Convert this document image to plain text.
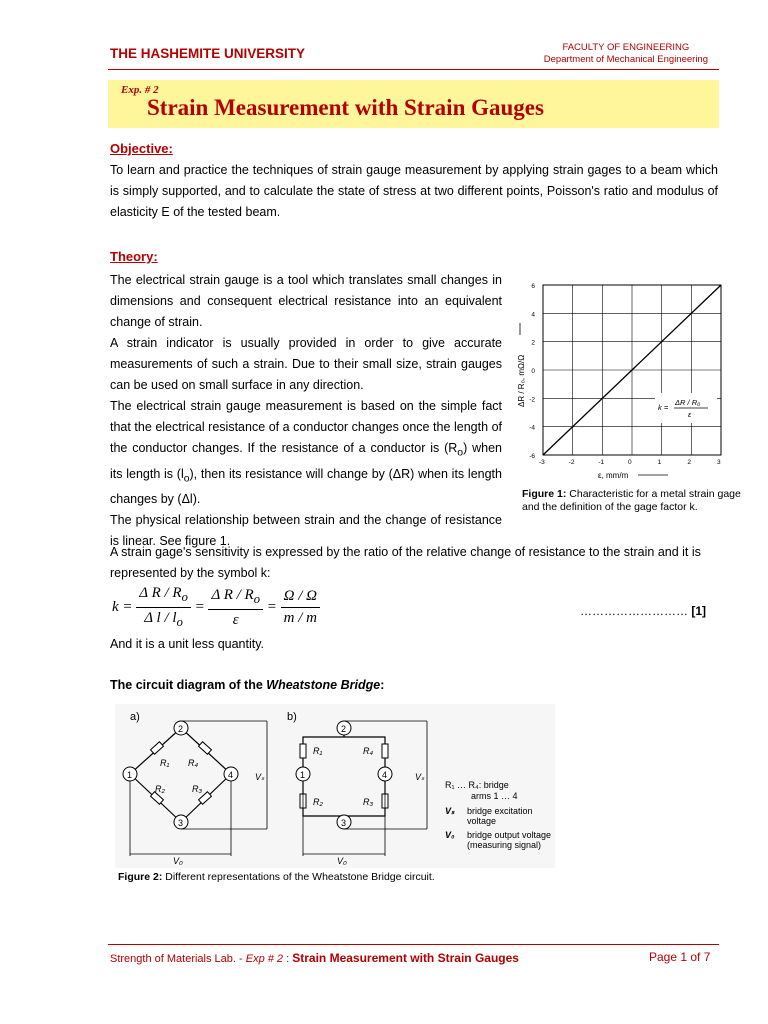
THE HASHEMITE UNIVERSITY	FACULTY OF ENGINEERING
Department of Mechanical Engineering
Exp. # 2
Strain Measurement with Strain Gauges
Objective:
To learn and practice the techniques of strain gauge measurement by applying strain gages to a beam which is simply supported, and to calculate the state of stress at two different points, Poisson's ratio and modulus of elasticity E of the tested beam.
Theory:
The electrical strain gauge is a tool which translates small changes in dimensions and consequent electrical resistance into an equivalent change of strain.
A strain indicator is usually provided in order to give accurate measurements of such a strain. Due to their small size, strain gauges can be used on small surface in any direction.
The electrical strain gauge measurement is based on the simple fact that the electrical resistance of a conductor changes once the length of the conductor changes. If the resistance of a conductor is $(R_o)$ when its length is $(l_o)$, then its resistance will change by (ΔR) when its length changes by (Δl).
The physical relationship between strain and the change of resistance is linear. See figure 1.
A strain gage's sensitivity is expressed by the ratio of the relative change of resistance to the strain and it is represented by the symbol k:
-3	-2	-1	0	1	2	3
6
4
2
0
-2
-4
-6
ΔR / R₀, mΩ/Ω
ε, mm/m
k =
ΔR / R₀
ε
Figure 1: Characteristic for a metal strain gage and the definition of the gage factor k.
$k = \frac{\Delta R / R_o}{\Delta l / l_o} = \frac{\Delta R / R_o}{\varepsilon} = \frac{\Omega / \Omega}{m / m}$	……………………… [1]
And it is a unit less quantity.
The circuit diagram of the Wheatstone Bridge:
a)
R₁ R₄
R₂	R₃
Vₛ
V₀
2
1	4
3
b)
R₁	R₄
R₂	R₃
Vₛ
V₀
2
1	4
3
R₁ … R₄: bridge
arms 1 … 4
Vₛ bridge excitation
voltage
V₀ bridge output voltage
(measuring signal)
Figure 2: Different representations of the Wheatstone Bridge circuit.
Strength of Materials Lab. - Exp # 2 : Strain Measurement with Strain Gauges	Page 1 of 7
